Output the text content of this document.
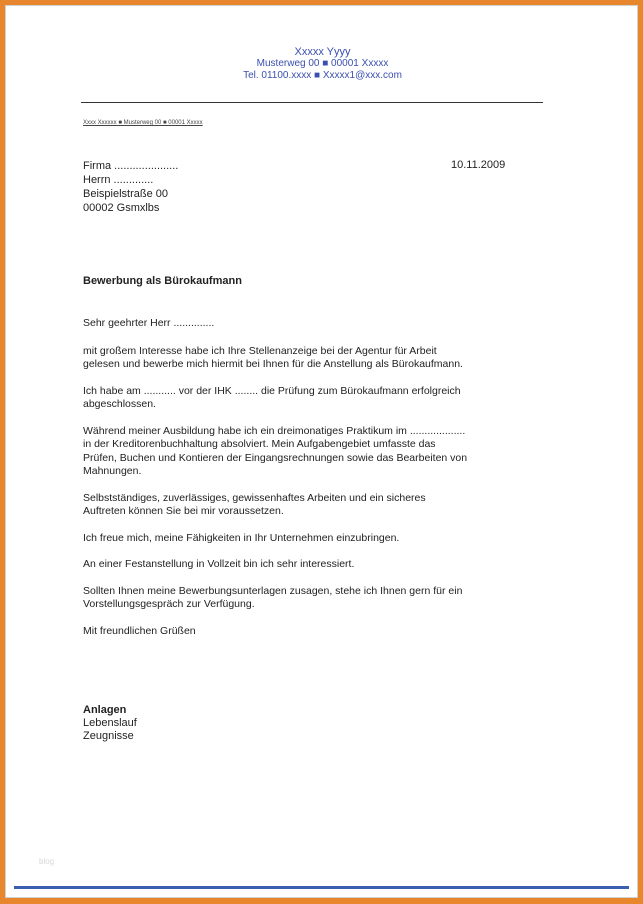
Xxxxx Yyyy
Musterweg 00 ■ 00001 Xxxxx
Tel. 01100.xxxx ■ Xxxxx1@xxx.com
Xxxx Xxxxxx ■ Musterweg 00 ■ 00001 Xxxxx
Firma .....................
Herrn .............
Beispielstraße 00
00002 Gsmxlbs
10.11.2009
Bewerbung als Bürokaufmann

Sehr geehrter Herr ..............

mit großem Interesse habe ich Ihre Stellenanzeige bei der Agentur für Arbeit
gelesen und bewerbe mich hiermit bei Ihnen für die Anstellung als Bürokaufmann.

Ich habe am ........... vor der IHK ........ die Prüfung zum Bürokaufmann erfolgreich
abgeschlossen.

Während meiner Ausbildung habe ich ein dreimonatiges Praktikum im ...................
in der Kreditorenbuchhaltung absolviert. Mein Aufgabengebiet umfasste das
Prüfen, Buchen und Kontieren der Eingangsrechnungen sowie das Bearbeiten von
Mahnungen.

Selbstständiges, zuverlässiges, gewissenhaftes Arbeiten und ein sicheres
Auftreten können Sie bei mir voraussetzen.

Ich freue mich, meine Fähigkeiten in Ihr Unternehmen einzubringen.

An einer Festanstellung in Vollzeit bin ich sehr interessiert.

Sollten Ihnen meine Bewerbungsunterlagen zusagen, stehe ich Ihnen gern für ein
Vorstellungsgespräch zur Verfügung.

Mit freundlichen Grüßen

Anlagen
Lebenslauf
Zeugnisse
blog
